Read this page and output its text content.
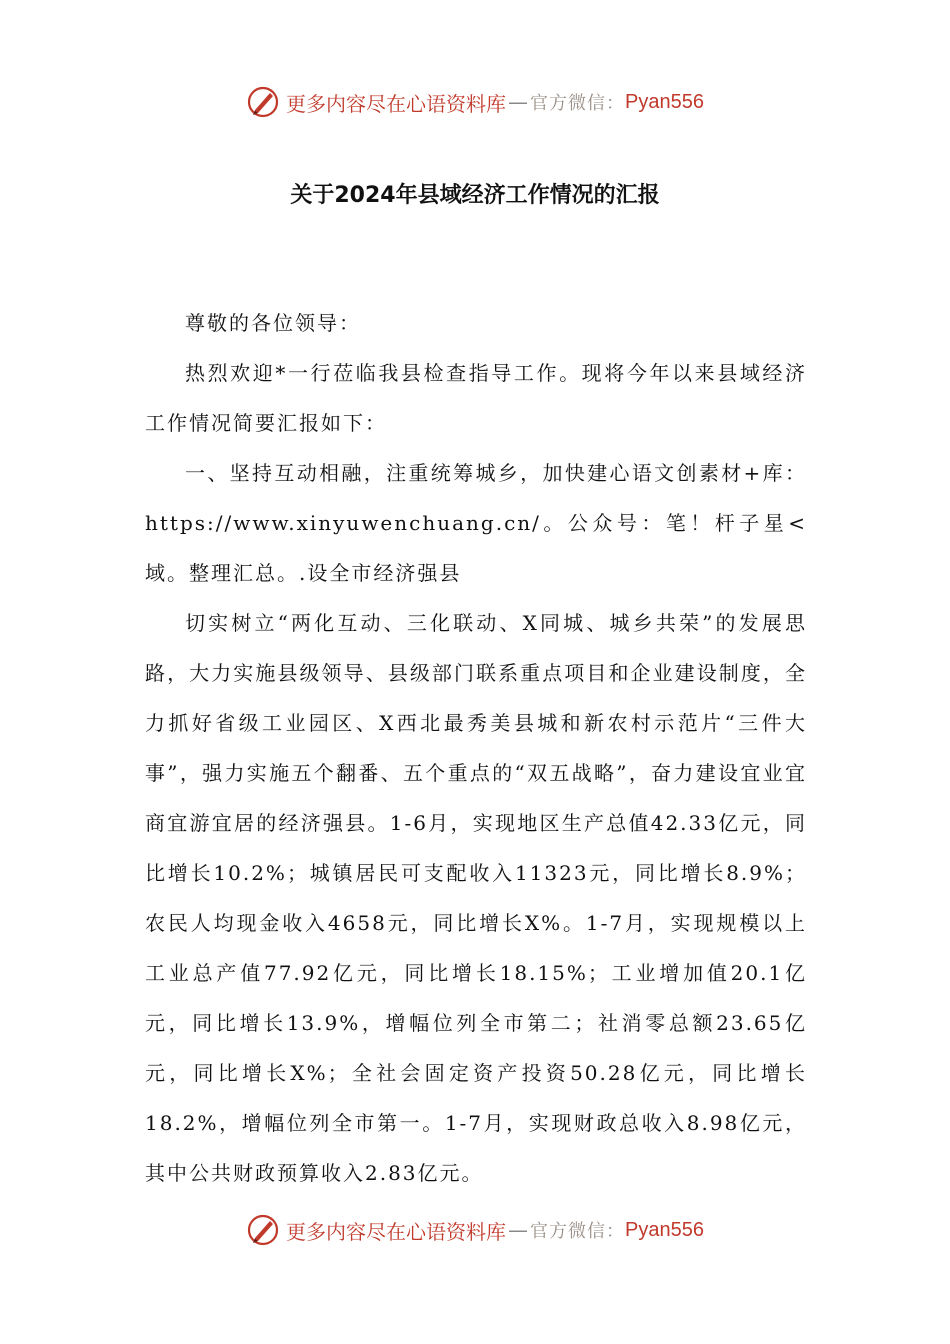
更多内容尽在心语资料库 — 官方微信： Pyan556
关于2024年县域经济工作情况的汇报

尊敬的各位领导：

热烈欢迎*一行莅临我县检查指导工作。现将今年以来县域经济工作情况简要汇报如下：

一、坚持互动相融，注重统筹城乡，加快建心语文创素材+库：https://www.xinyuwenchuang.cn/。公众号：笔！杆子星<域。整理汇总。.设全市经济强县

切实树立“两化互动、三化联动、X同城、城乡共荣”的发展思路，大力实施县级领导、县级部门联系重点项目和企业建设制度，全力抓好省级工业园区、X西北最秀美县城和新农村示范片“三件大事”，强力实施五个翻番、五个重点的“双五战略”，奋力建设宜业宜商宜游宜居的经济强县。1-6月，实现地区生产总值42.33亿元，同比增长10.2%；城镇居民可支配收入11323元，同比增长8.9%；农民人均现金收入4658元，同比增长X%。1-7月，实现规模以上工业总产值77.92亿元，同比增长18.15%；工业增加值20.1亿元，同比增长13.9%，增幅位列全市第二；社消零总额23.65亿元，同比增长X%；全社会固定资产投资50.28亿元，同比增长18.2%，增幅位列全市第一。1-7月，实现财政总收入8.98亿元，其中公共财政预算收入2.83亿元。

更多内容尽在心语资料库 — 官方微信： Pyan556
